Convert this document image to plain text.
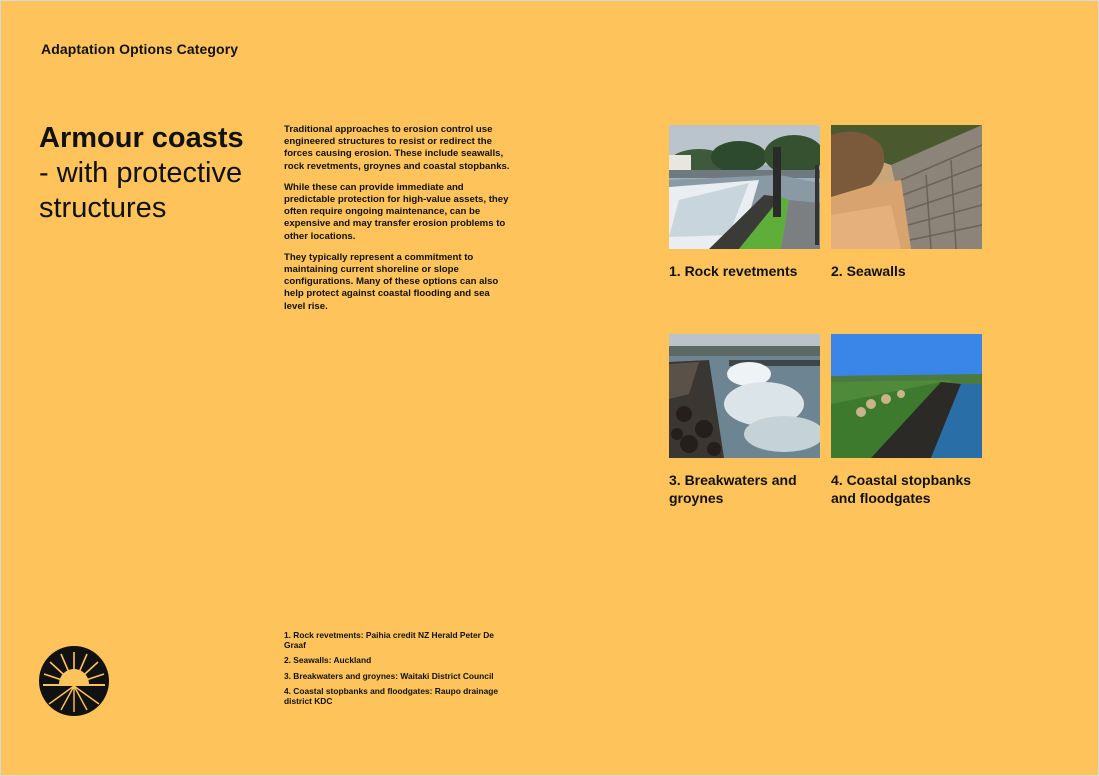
Adaptation Options Category
Armour coasts
- with protective structures

Traditional approaches to erosion control use engineered structures to resist or redirect the forces causing erosion. These include seawalls, rock revetments, groynes and coastal stopbanks.

While these can provide immediate and predictable protection for high-value assets, they often require ongoing maintenance, can be expensive and may transfer erosion problems to other locations.

They typically represent a commitment to maintaining current shoreline or slope configurations. Many of these options can also help protect against coastal flooding and sea level rise.

1. Rock revetments	2. Seawalls
3. Breakwaters and groynes
4. Coastal stopbanks and floodgates

1. Rock revetments: Paihia credit NZ Herald Peter De Graaf

2. Seawalls: Auckland

3. Breakwaters and groynes: Waitaki District Council

4. Coastal stopbanks and floodgates: Raupo drainage district KDC
